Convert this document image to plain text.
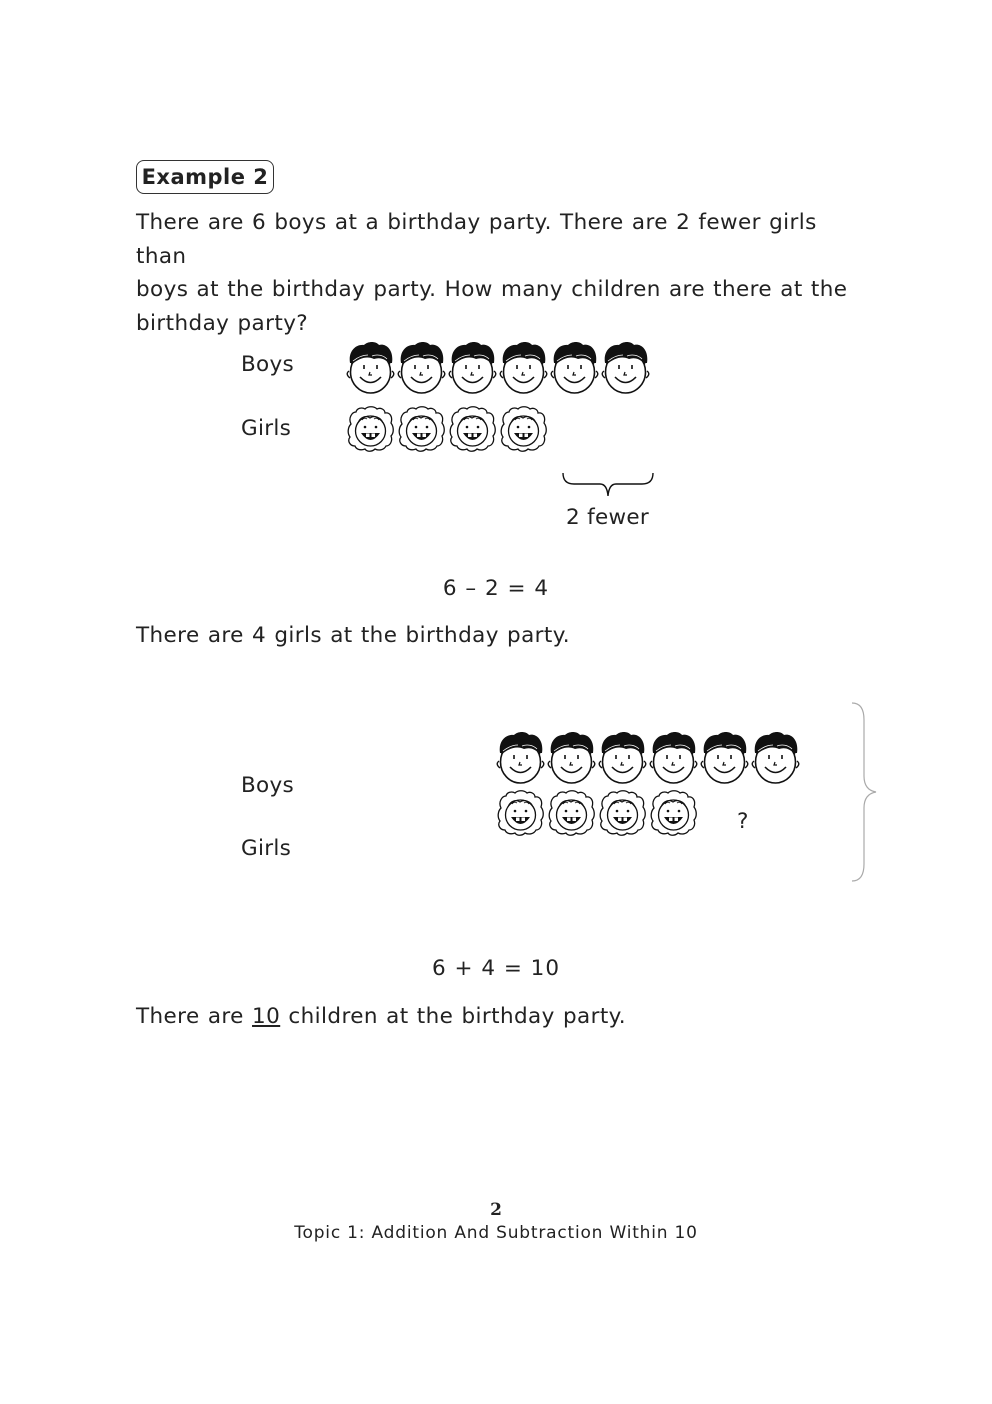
Example 2
There are 6 boys at a birthday party. There are 2 fewer girls than
boys at the birthday party. How many children are there at the
birthday party?
Boys
Girls
2 fewer
6 – 2 = 4
There are 4 girls at the birthday party.
Boys
Girls
?
6 + 4 = 10
There are 10 children at the birthday party.
2
Topic 1: Addition And Subtraction Within 10
